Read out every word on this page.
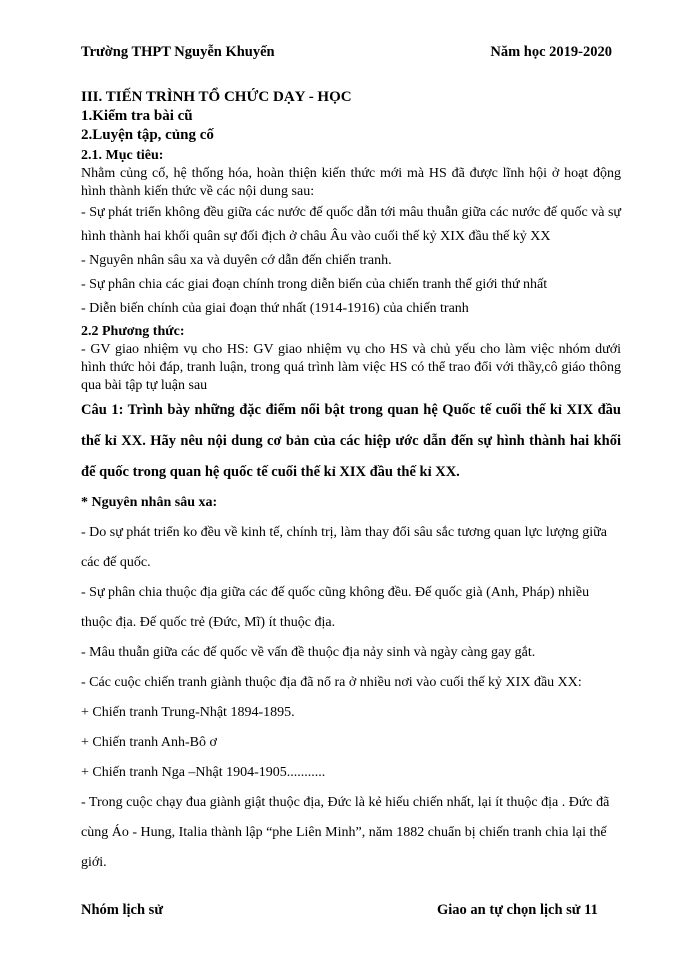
Trường THPT Nguyễn Khuyến	Năm học 2019-2020

III. TIẾN TRÌNH TỔ CHỨC DẠY - HỌC

1.Kiểm tra bài cũ

2.Luyện tập, củng cố

2.1. Mục tiêu:

Nhằm củng cố, hệ thống hóa, hoàn thiện kiến thức mới mà HS đã được lĩnh hội ở hoạt động hình thành kiến thức về các nội dung sau:

- Sự phát triển không đều giữa các nước đế quốc dẫn tới mâu thuẫn giữa các nước đế quốc và sự hình thành hai khối quân sự đối địch ở châu Âu vào cuối thế kỷ XIX đầu thế kỷ XX

- Nguyên nhân sâu xa và duyên cớ dẫn đến chiến tranh.

- Sự phân chia các giai đoạn chính trong diễn biến của chiến tranh thế giới thứ nhất

- Diễn biến chính của giai đoạn thứ nhất (1914-1916) của chiến tranh

2.2 Phương thức:

- GV giao nhiệm vụ cho HS: GV giao nhiệm vụ cho HS và chủ yếu cho làm việc nhóm dưới hình thức hỏi đáp, tranh luận, trong quá trình làm việc HS có thể trao đổi với thầy,cô giáo thông qua bài tập tự luận sau

Câu 1: Trình bày những đặc điểm nổi bật trong quan hệ Quốc tế cuối thế kỉ XIX đầu thế kỉ XX. Hãy nêu nội dung cơ bản của các hiệp ước dẫn đến sự hình thành hai khối đế quốc trong quan hệ quốc tế cuối thế kỉ XIX đầu thế kỉ XX.

* Nguyên nhân sâu xa:

- Do sự phát triển ko đều về kinh tế, chính trị, làm thay đổi sâu sắc tương quan lực lượng giữa các đế quốc.

- Sự phân chia thuộc địa giữa các đế quốc cũng không đều. Đế quốc già (Anh, Pháp) nhiều thuộc địa. Đế quốc trẻ (Đức, Mĩ) ít thuộc địa.

- Mâu thuẫn giữa các đế quốc về vấn đề thuộc địa nảy sinh và ngày càng gay gắt.

- Các cuộc chiến tranh giành thuộc địa đã nổ ra ở nhiều nơi vào cuối thế kỷ XIX đầu XX:

+ Chiến tranh Trung-Nhật 1894-1895.

+ Chiến tranh Anh-Bô ơ

+ Chiến tranh Nga –Nhật 1904-1905...........

- Trong cuộc chạy đua giành giật thuộc địa, Đức là kẻ hiếu chiến nhất, lại ít thuộc địa . Đức đã cùng Áo - Hung, Italia thành lập “phe Liên Minh”, năm 1882 chuẩn bị chiến tranh chia lại thế giới.

Nhóm lịch sử	Giao an tự chọn lịch sử 11
